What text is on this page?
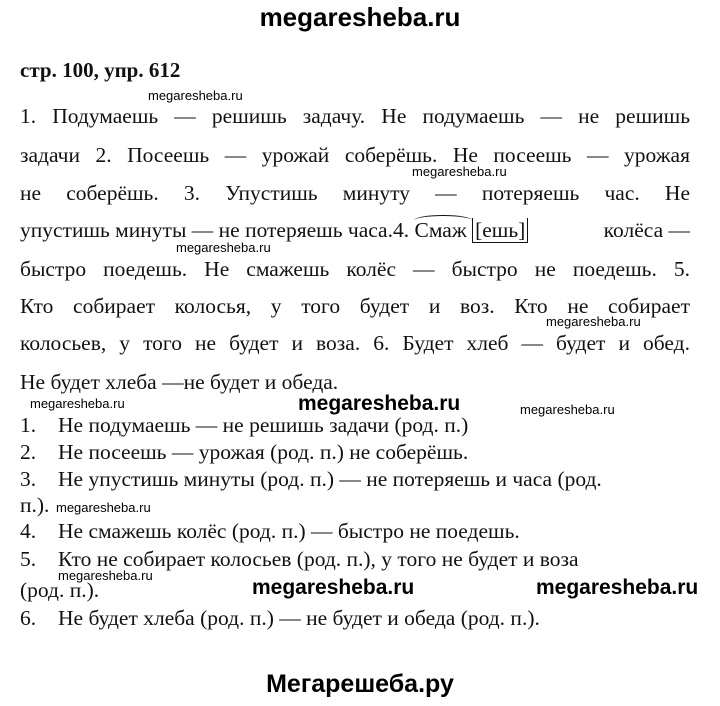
megaresheba.ru
стр. 100, упр. 612
1. Подумаешь — решишь задачу. Не подумаешь — не решишь
задачи 2. Посеешь — урожай соберёшь. Не посеешь — урожая
не соберёшь. 3. Упустишь минуту — потеряешь час. Не
упустишь минуты — не потеряешь часа.4. Смаж [ешь]	колёса —
быстро поедешь. Не смажешь колёс — быстро не поедешь. 5.
Кто собирает колосья, у того будет и воз. Кто не собирает
колосьев, у того не будет и воза. 6. Будет хлеб — будет и обед.
Не будет хлеба —не будет и обеда.
megaresheba.ru
megaresheba.ru
megaresheba.ru
megaresheba.ru
megaresheba.ru	megaresheba.ru
megaresheba.ru
megaresheba.ru
megaresheba.ru
megaresheba.ru	megaresheba.ru
1. Не подумаешь — не решишь задачи (род. п.)
2. Не посеешь — урожая (род. п.) не соберёшь.
3. Не упустишь минуты (род. п.) — не потеряешь и часа (род.
п.).
4. Не смажешь колёс (род. п.) — быстро не поедешь.
5. Кто не собирает колосьев (род. п.), у того не будет и воза
(род. п.).
6. Не будет хлеба (род. п.) — не будет и обеда (род. п.).
Мегарешеба.ру
